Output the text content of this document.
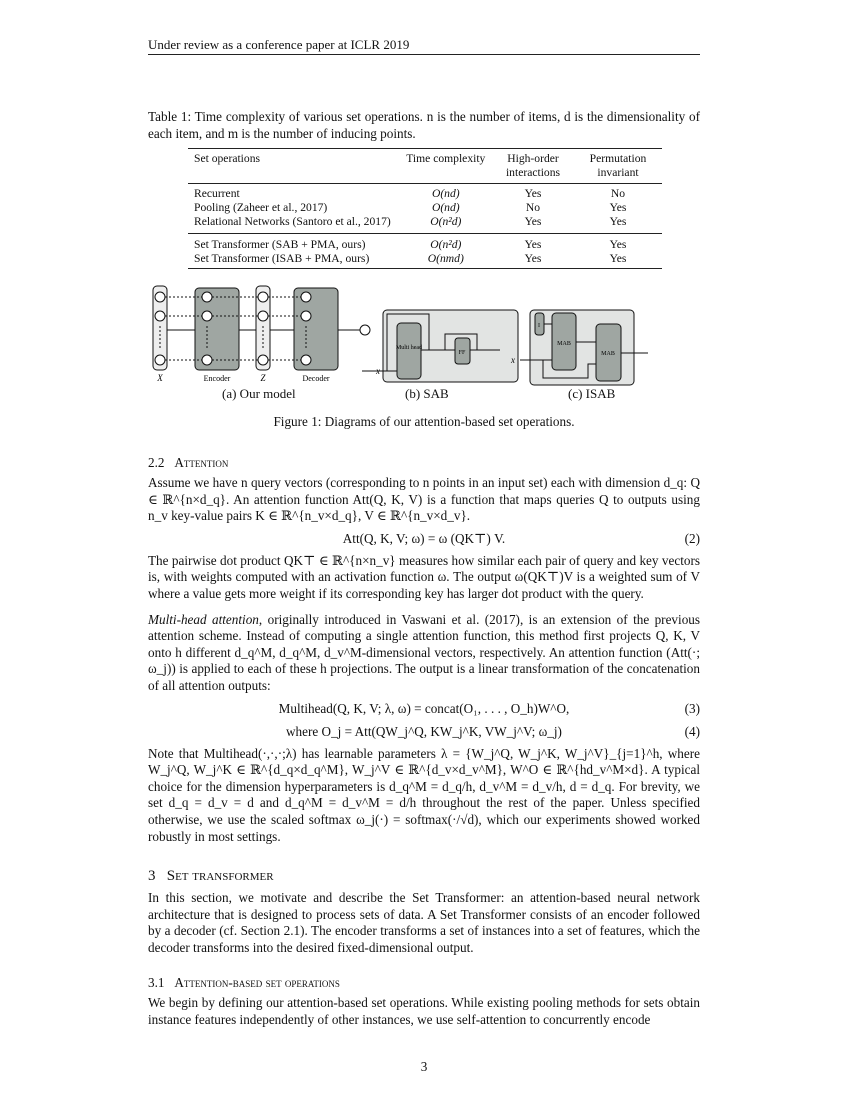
Under review as a conference paper at ICLR 2019
Table 1: Time complexity of various set operations. n is the number of items, d is the dimensionality of each item, and m is the number of inducing points.
Set operations	Time complexity	High-order interactions	Permutation invariant

Recurrent	O(nd)	Yes	No
Pooling (Zaheer et al., 2017)	O(nd)	No	Yes
Relational Networks (Santoro et al., 2017)	O(n²d)	Yes	Yes

Set Transformer (SAB + PMA, ours)	O(n²d)	Yes	Yes
Set Transformer (ISAB + PMA, ours)	O(nmd)	Yes	Yes
X	Encoder	Z	Decoder
Multi head
FF
x
I
MAB
MAB
x
(a) Our model	(b) SAB	(c) ISAB
Figure 1: Diagrams of our attention-based set operations.
2.2 Attention
Assume we have n query vectors (corresponding to n points in an input set) each with dimension d_q: Q ∈ ℝ^{n×d_q}. An attention function Att(Q, K, V) is a function that maps queries Q to outputs using n_v key-value pairs K ∈ ℝ^{n_v×d_q}, V ∈ ℝ^{n_v×d_v}.
Att(Q, K, V; ω) = ω (QK⊤) V.	(2)
The pairwise dot product QK⊤ ∈ ℝ^{n×n_v} measures how similar each pair of query and key vectors is, with weights computed with an activation function ω. The output ω(QK⊤)V is a weighted sum of V where a value gets more weight if its corresponding key has larger dot product with the query.
Multi-head attention, originally introduced in Vaswani et al. (2017), is an extension of the previous attention scheme. Instead of computing a single attention function, this method first projects Q, K, V onto h different d_q^M, d_q^M, d_v^M-dimensional vectors, respectively. An attention function (Att(·; ω_j)) is applied to each of these h projections. The output is a linear transformation of the concatenation of all attention outputs:
Multihead(Q, K, V; λ, ω) = concat(O₁, . . . , O_h)W^O,	(3)
where O_j = Att(QW_j^Q, KW_j^K, VW_j^V; ω_j)	(4)
Note that Multihead(·,·,·;λ) has learnable parameters λ = {W_j^Q, W_j^K, W_j^V}_{j=1}^h, where W_j^Q, W_j^K ∈ ℝ^{d_q×d_q^M}, W_j^V ∈ ℝ^{d_v×d_v^M}, W^O ∈ ℝ^{hd_v^M×d}. A typical choice for the dimension hyperparameters is d_q^M = d_q/h, d_v^M = d_v/h, d = d_q. For brevity, we set d_q = d_v = d and d_q^M = d_v^M = d/h throughout the rest of the paper. Unless specified otherwise, we use the scaled softmax ω_j(·) = softmax(·/√d), which our experiments showed worked robustly in most settings.
3 Set transformer
In this section, we motivate and describe the Set Transformer: an attention-based neural network architecture that is designed to process sets of data. A Set Transformer consists of an encoder followed by a decoder (cf. Section 2.1). The encoder transforms a set of instances into a set of features, which the decoder transforms into the desired fixed-dimensional output.
3.1 Attention-based set operations
We begin by defining our attention-based set operations. While existing pooling methods for sets obtain instance features independently of other instances, we use self-attention to concurrently encode
3
